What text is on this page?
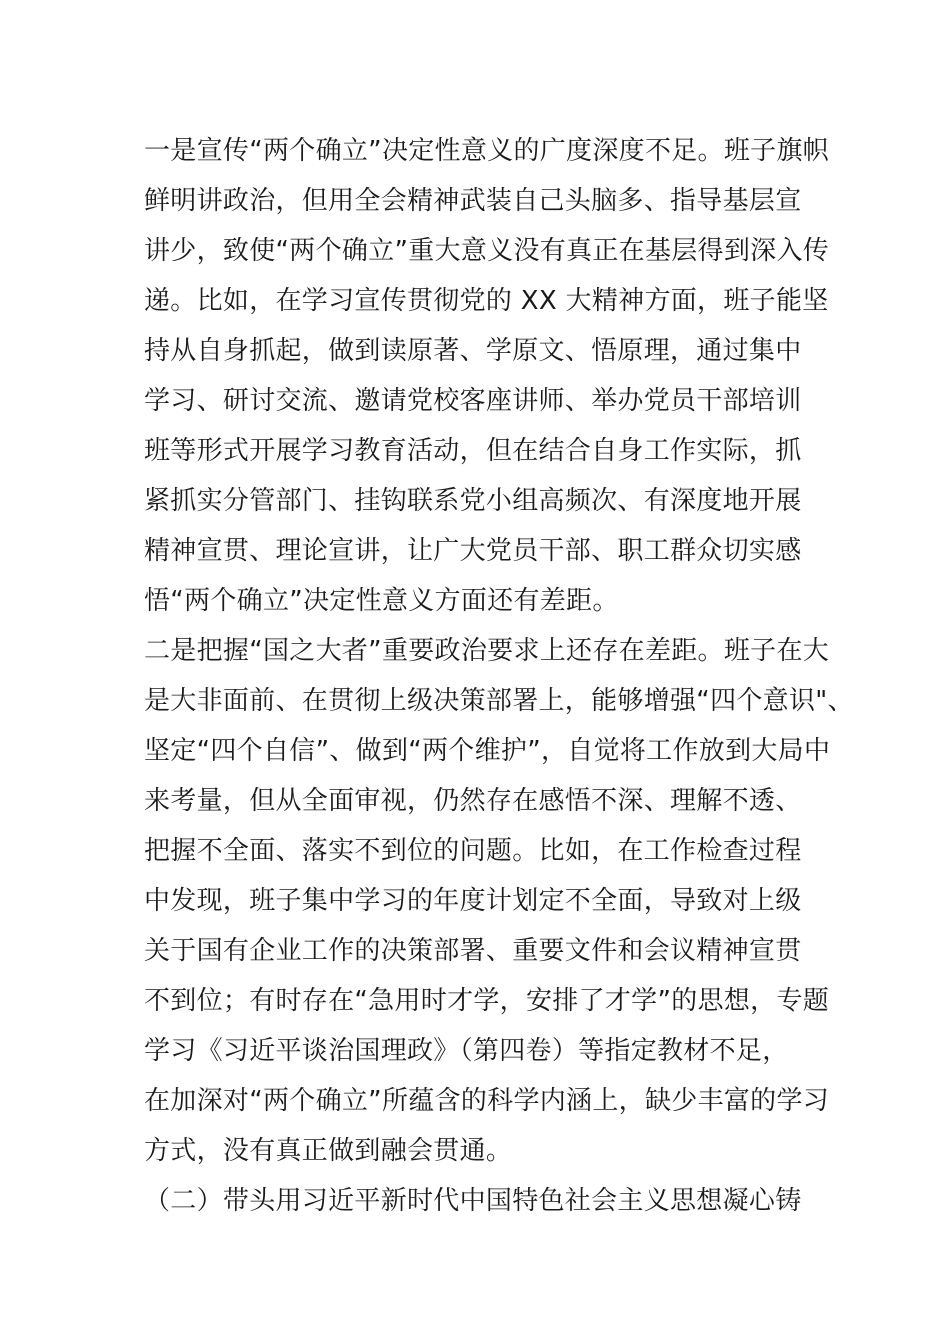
一是宣传“两个确立”决定性意义的广度深度不足。班子旗帜
鲜明讲政治，但用全会精神武装自己头脑多、指导基层宣
讲少，致使“两个确立”重大意义没有真正在基层得到深入传
递。比如，在学习宣传贯彻党的 XX 大精神方面，班子能坚
持从自身抓起，做到读原著、学原文、悟原理，通过集中
学习、研讨交流、邀请党校客座讲师、举办党员干部培训
班等形式开展学习教育活动，但在结合自身工作实际，抓
紧抓实分管部门、挂钩联系党小组高频次、有深度地开展
精神宣贯、理论宣讲，让广大党员干部、职工群众切实感
悟“两个确立”决定性意义方面还有差距。
二是把握“国之大者”重要政治要求上还存在差距。班子在大
是大非面前、在贯彻上级决策部署上，能够增强“四个意识"、
坚定“四个自信”、做到“两个维护”，自觉将工作放到大局中
来考量，但从全面审视，仍然存在感悟不深、理解不透、
把握不全面、落实不到位的问题。比如，在工作检查过程
中发现，班子集中学习的年度计划定不全面，导致对上级
关于国有企业工作的决策部署、重要文件和会议精神宣贯
不到位；有时存在“急用时才学，安排了才学”的思想，专题
学习《习近平谈治国理政》（第四卷）等指定教材不足，
在加深对“两个确立”所蕴含的科学内涵上，缺少丰富的学习
方式，没有真正做到融会贯通。
（二）带头用习近平新时代中国特色社会主义思想凝心铸
